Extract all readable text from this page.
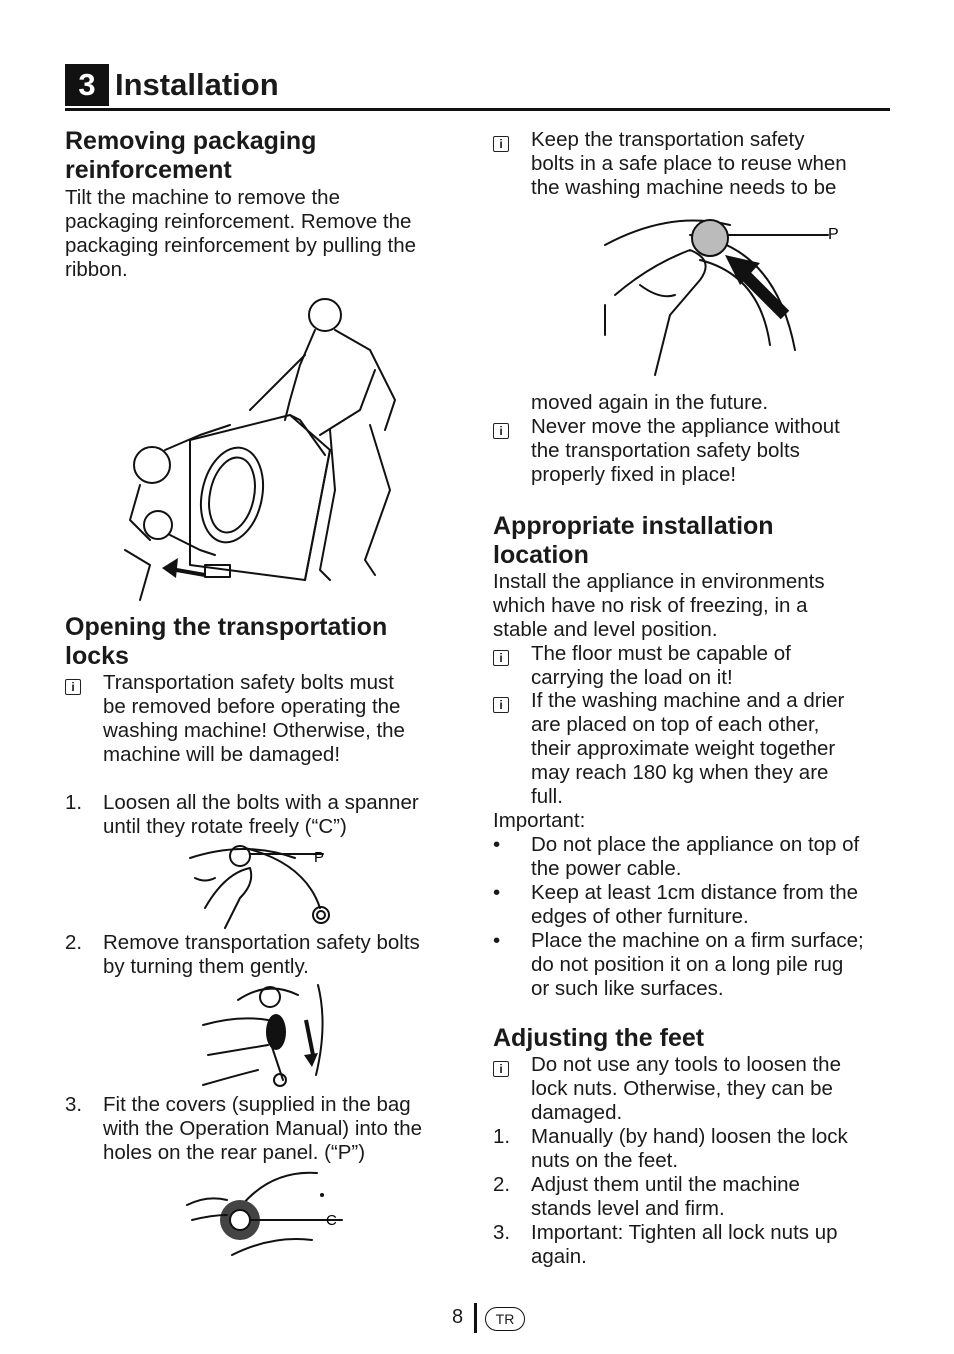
3 Installation
Removing packaging
reinforcement

Tilt the machine to remove the

packaging reinforcement. Remove the

packaging reinforcement by pulling the

ribbon.

Opening the transportation
locks
i Transportation safety bolts must
be removed before operating the
washing machine! Otherwise, the
machine will be damaged!
1. Loosen all the bolts with a spanner
until they rotate freely (“C”)
P
2. Remove transportation safety bolts
by turning them gently.
3. Fit the covers (supplied in the bag
with the Operation Manual) into the
holes on the rear panel. (“P”)
C
i Keep the transportation safety
bolts in a safe place to reuse when
the washing machine needs to be
P
moved again in the future.
i Never move the appliance without
the transportation safety bolts
properly fixed in place!
Appropriate installation
location

Install the appliance in environments

which have no risk of freezing, in a

stable and level position.

i The floor must be capable of
carrying the load on it!
i If the washing machine and a drier
are placed on top of each other,
their approximate weight together
may reach 180 kg when they are
full.
Important:
• Do not place the appliance on top of
the power cable.
• Keep at least 1cm distance from the
edges of other furniture.
• Place the machine on a firm surface;
do not position it on a long pile rug
or such like surfaces.
Adjusting the feet
i Do not use any tools to loosen the
lock nuts. Otherwise, they can be
damaged.
1. Manually (by hand) loosen the lock
nuts on the feet.
2. Adjust them until the machine
stands level and firm.
3. Important: Tighten all lock nuts up
again.
8	TR
